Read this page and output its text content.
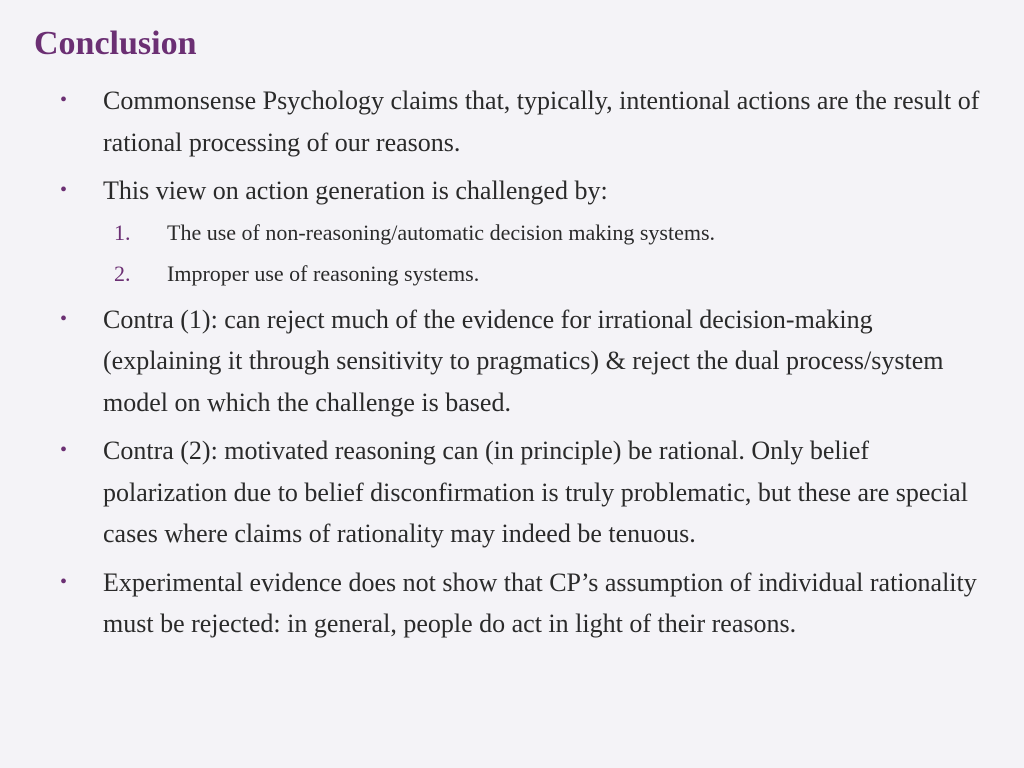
Conclusion
• Commonsense Psychology claims that, typically, intentional actions are the result of rational processing of our reasons.
• This view on action generation is challenged by:
1. The use of non-reasoning/automatic decision making systems.
2. Improper use of reasoning systems.
• Contra (1): can reject much of the evidence for irrational decision-making (explaining it through sensitivity to pragmatics) & reject the dual process/system model on which the challenge is based.
• Contra (2): motivated reasoning can (in principle) be rational. Only belief polarization due to belief disconfirmation is truly problematic, but these are special cases where claims of rationality may indeed be tenuous.
• Experimental evidence does not show that CP’s assumption of individual rationality must be rejected: in general, people do act in light of their reasons.
